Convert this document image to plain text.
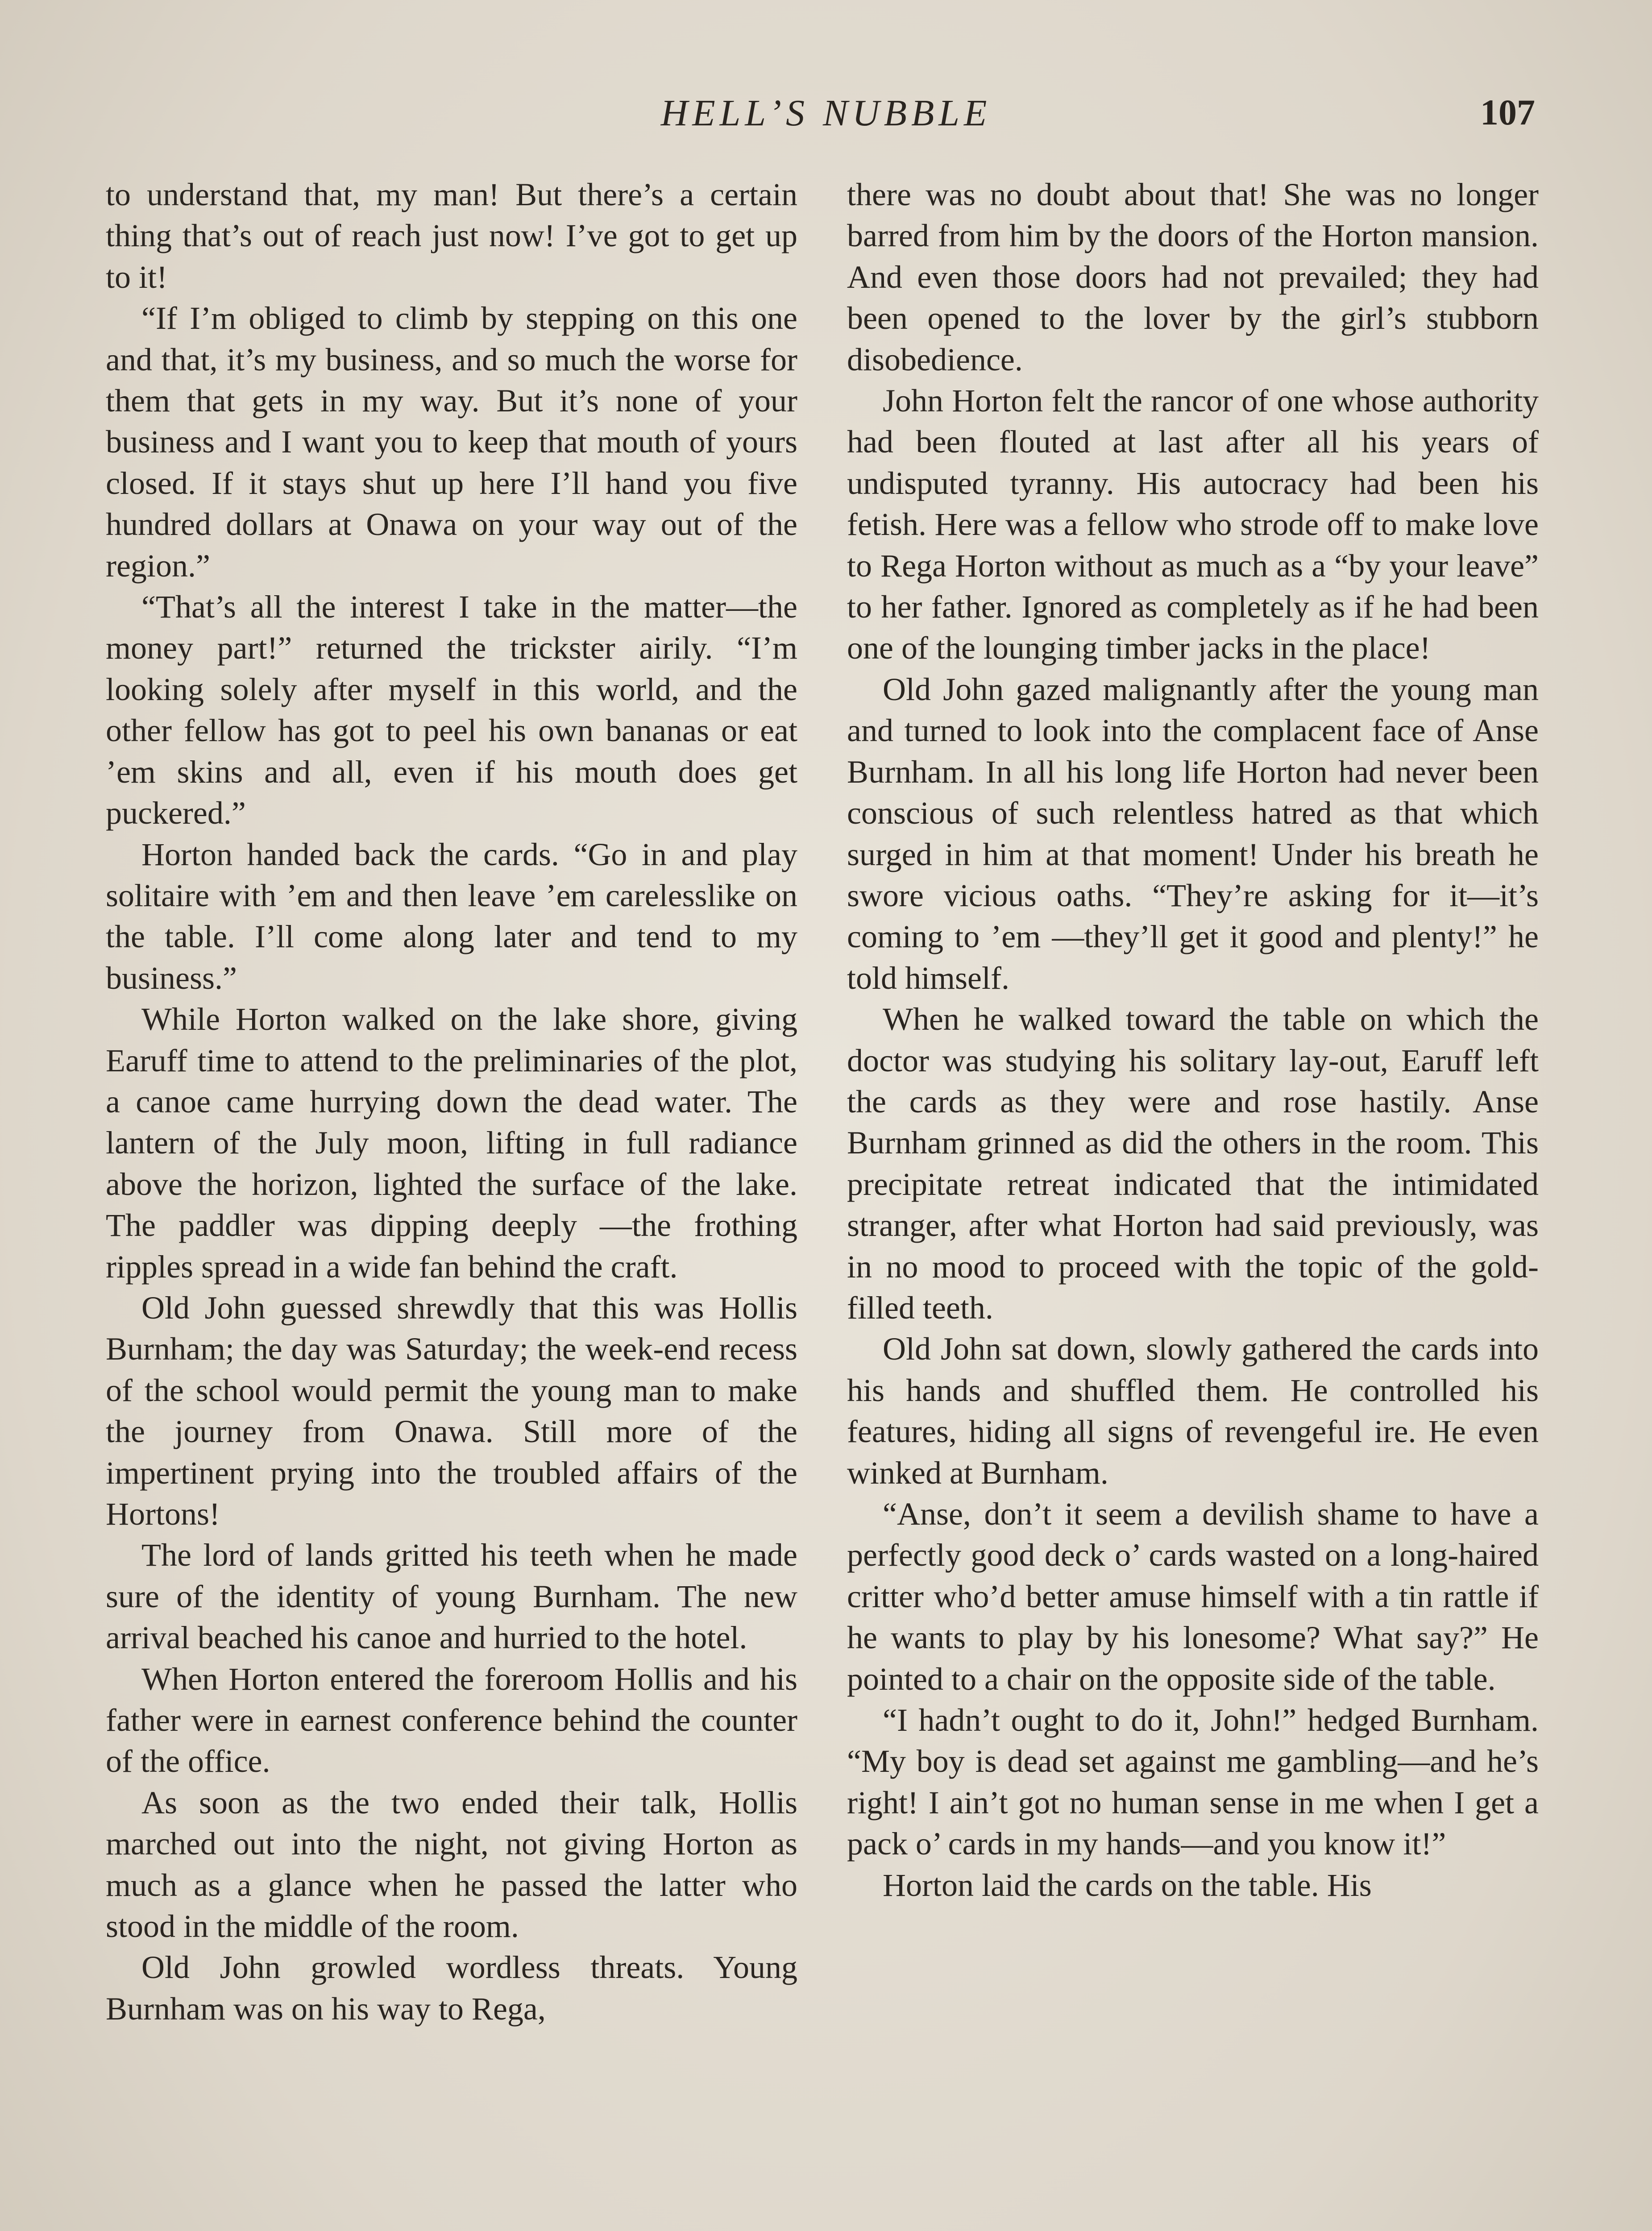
HELL’S NUBBLE	107

to understand that, my man! But there’s a certain thing that’s out of reach just now! I’ve got to get up to it!

“If I’m obliged to climb by stepping on this one and that, it’s my business, and so much the worse for them that gets in my way. But it’s none of your business and I want you to keep that mouth of yours closed. If it stays shut up here I’ll hand you five hundred dollars at Onawa on your way out of the region.”

“That’s all the interest I take in the matter—the money part!” returned the trickster airily. “I’m looking solely after myself in this world, and the other fellow has got to peel his own bananas or eat ’em skins and all, even if his mouth does get puckered.”

Horton handed back the cards. “Go in and play solitaire with ’em and then leave ’em carelesslike on the table. I’ll come along later and tend to my business.”

While Horton walked on the lake shore, giving Earuff time to attend to the preliminaries of the plot, a canoe came hurrying down the dead water. The lantern of the July moon, lifting in full radiance above the horizon, lighted the surface of the lake. The paddler was dipping deeply —the frothing ripples spread in a wide fan behind the craft.

Old John guessed shrewdly that this was Hollis Burnham; the day was Saturday; the week-end recess of the school would permit the young man to make the journey from Onawa. Still more of the impertinent prying into the troubled affairs of the Hortons!

The lord of lands gritted his teeth when he made sure of the identity of young Burnham. The new arrival beached his canoe and hurried to the hotel.

When Horton entered the foreroom Hollis and his father were in earnest conference behind the counter of the office.

As soon as the two ended their talk, Hollis marched out into the night, not giving Horton as much as a glance when he passed the latter who stood in the middle of the room.

Old John growled wordless threats. Young Burnham was on his way to Rega,

there was no doubt about that! She was no longer barred from him by the doors of the Horton mansion. And even those doors had not prevailed; they had been opened to the lover by the girl’s stubborn disobedience.

John Horton felt the rancor of one whose authority had been flouted at last after all his years of undisputed tyranny. His autocracy had been his fetish. Here was a fellow who strode off to make love to Rega Horton without as much as a “by your leave” to her father. Ignored as completely as if he had been one of the lounging timber jacks in the place!

Old John gazed malignantly after the young man and turned to look into the complacent face of Anse Burnham. In all his long life Horton had never been conscious of such relentless hatred as that which surged in him at that moment! Under his breath he swore vicious oaths. “They’re asking for it—it’s coming to ’em —they’ll get it good and plenty!” he told himself.

When he walked toward the table on which the doctor was studying his solitary lay-out, Earuff left the cards as they were and rose hastily. Anse Burnham grinned as did the others in the room. This precipitate retreat indicated that the intimidated stranger, after what Horton had said previously, was in no mood to proceed with the topic of the gold-filled teeth.

Old John sat down, slowly gathered the cards into his hands and shuffled them. He controlled his features, hiding all signs of revengeful ire. He even winked at Burnham.

“Anse, don’t it seem a devilish shame to have a perfectly good deck o’ cards wasted on a long-haired critter who’d better amuse himself with a tin rattle if he wants to play by his lonesome? What say?” He pointed to a chair on the opposite side of the table.

“I hadn’t ought to do it, John!” hedged Burnham. “My boy is dead set against me gambling—and he’s right! I ain’t got no human sense in me when I get a pack o’ cards in my hands—and you know it!”

Horton laid the cards on the table. His
